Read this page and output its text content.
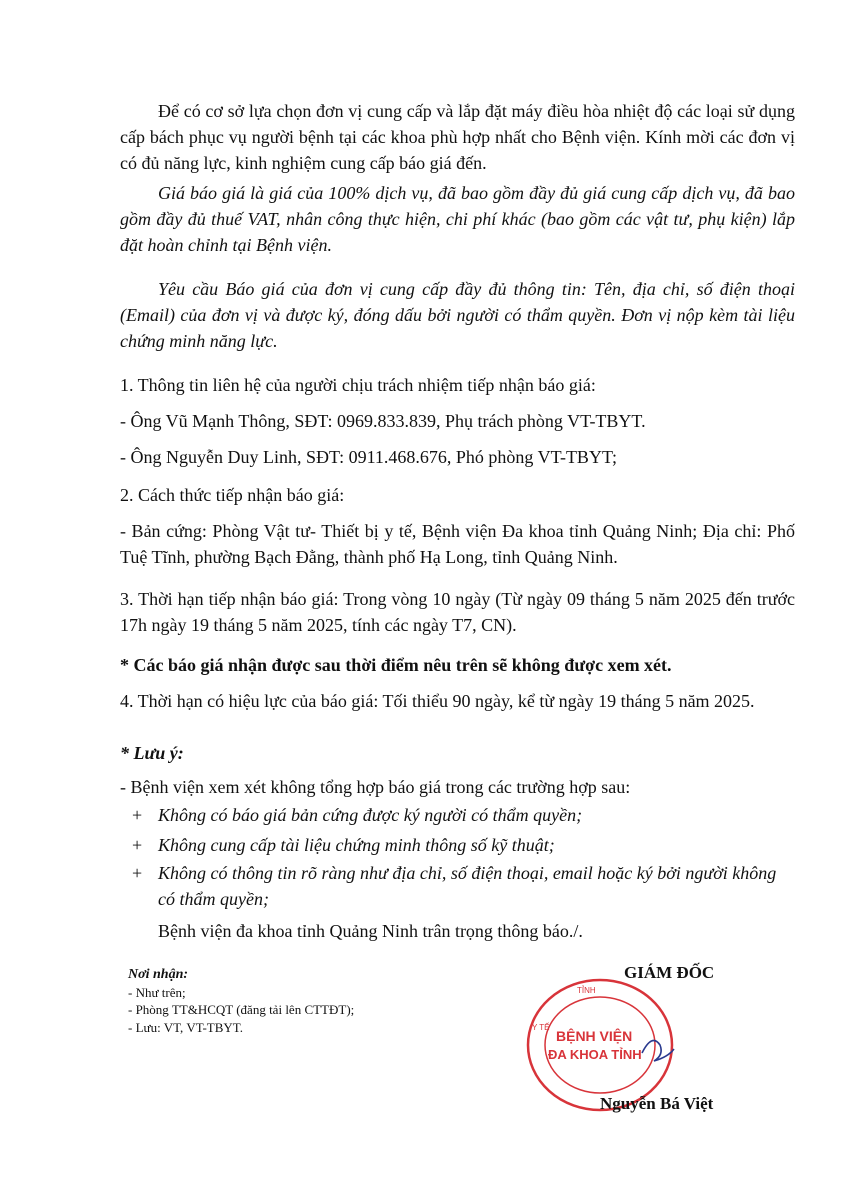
Để có cơ sở lựa chọn đơn vị cung cấp và lắp đặt máy điều hòa nhiệt độ các loại sử dụng cấp bách phục vụ người bệnh tại các khoa phù hợp nhất cho Bệnh viện. Kính mời các đơn vị có đủ năng lực, kinh nghiệm cung cấp báo giá đến.

Giá báo giá là giá của 100% dịch vụ, đã bao gồm đầy đủ giá cung cấp dịch vụ, đã bao gồm đầy đủ thuế VAT, nhân công thực hiện, chi phí khác (bao gồm các vật tư, phụ kiện) lắp đặt hoàn chỉnh tại Bệnh viện.

Yêu cầu Báo giá của đơn vị cung cấp đầy đủ thông tin: Tên, địa chỉ, số điện thoại (Email) của đơn vị và được ký, đóng dấu bởi người có thẩm quyền. Đơn vị nộp kèm tài liệu chứng minh năng lực.

1. Thông tin liên hệ của người chịu trách nhiệm tiếp nhận báo giá:

- Ông Vũ Mạnh Thông, SĐT: 0969.833.839, Phụ trách phòng VT-TBYT.

- Ông Nguyễn Duy Linh, SĐT: 0911.468.676, Phó phòng VT-TBYT;

2. Cách thức tiếp nhận báo giá:

- Bản cứng: Phòng Vật tư- Thiết bị y tế, Bệnh viện Đa khoa tỉnh Quảng Ninh; Địa chỉ: Phố Tuệ Tĩnh, phường Bạch Đằng, thành phố Hạ Long, tỉnh Quảng Ninh.

3. Thời hạn tiếp nhận báo giá: Trong vòng 10 ngày (Từ ngày 09 tháng 5 năm 2025 đến trước 17h ngày 19 tháng 5 năm 2025, tính các ngày T7, CN).

* Các báo giá nhận được sau thời điểm nêu trên sẽ không được xem xét.

4. Thời hạn có hiệu lực của báo giá: Tối thiểu 90 ngày, kể từ ngày 19 tháng 5 năm 2025.

* Lưu ý:

- Bệnh viện xem xét không tổng hợp báo giá trong các trường hợp sau:

+ Không có báo giá bản cứng được ký người có thẩm quyền;
+ Không cung cấp tài liệu chứng minh thông số kỹ thuật;
+ Không có thông tin rõ ràng như địa chỉ, số điện thoại, email hoặc ký bởi người không có thẩm quyền;

Bệnh viện đa khoa tỉnh Quảng Ninh trân trọng thông báo./.

Nơi nhận:
- Như trên;
- Phòng TT&HCQT (đăng tải lên CTTĐT);
- Lưu: VT, VT-TBYT.
BỆNH VIỆN
ĐA KHOA TỈNH
TỈNH
Y TẾ
GIÁM ĐỐC
Nguyễn Bá Việt
